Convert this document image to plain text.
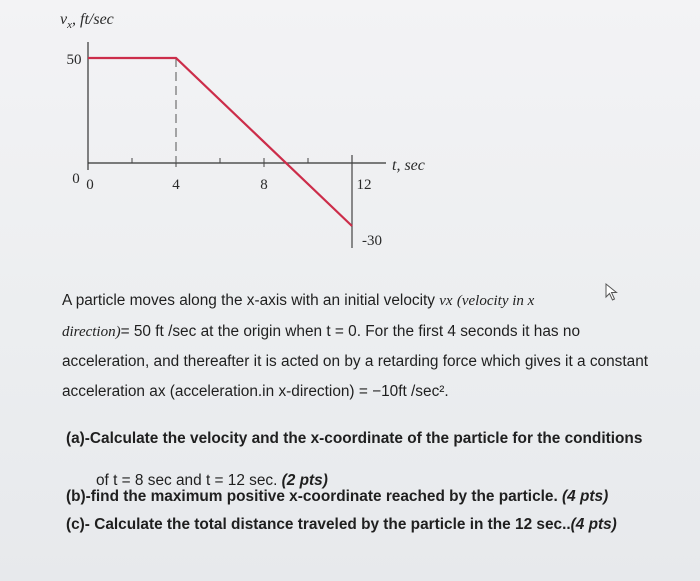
$v_x$, ft/sec
50
0 0	4	8	12
t, sec
-30

A particle moves along the x-axis with an initial velocity vx (velocity in x
direction)= 50 ft /sec at the origin when t = 0. For the first 4 seconds it has no acceleration, and thereafter it is acted on by a retarding force which gives it a constant acceleration ax (acceleration.in x-direction) = −10ft /sec².

(a)-Calculate the velocity and the x-coordinate of the particle for the conditions

of t = 8 sec and t = 12 sec. (2 pts)

(b)-find the maximum positive x-coordinate reached by the particle. (4 pts)

(c)- Calculate the total distance traveled by the particle in the 12 sec..(4 pts)
